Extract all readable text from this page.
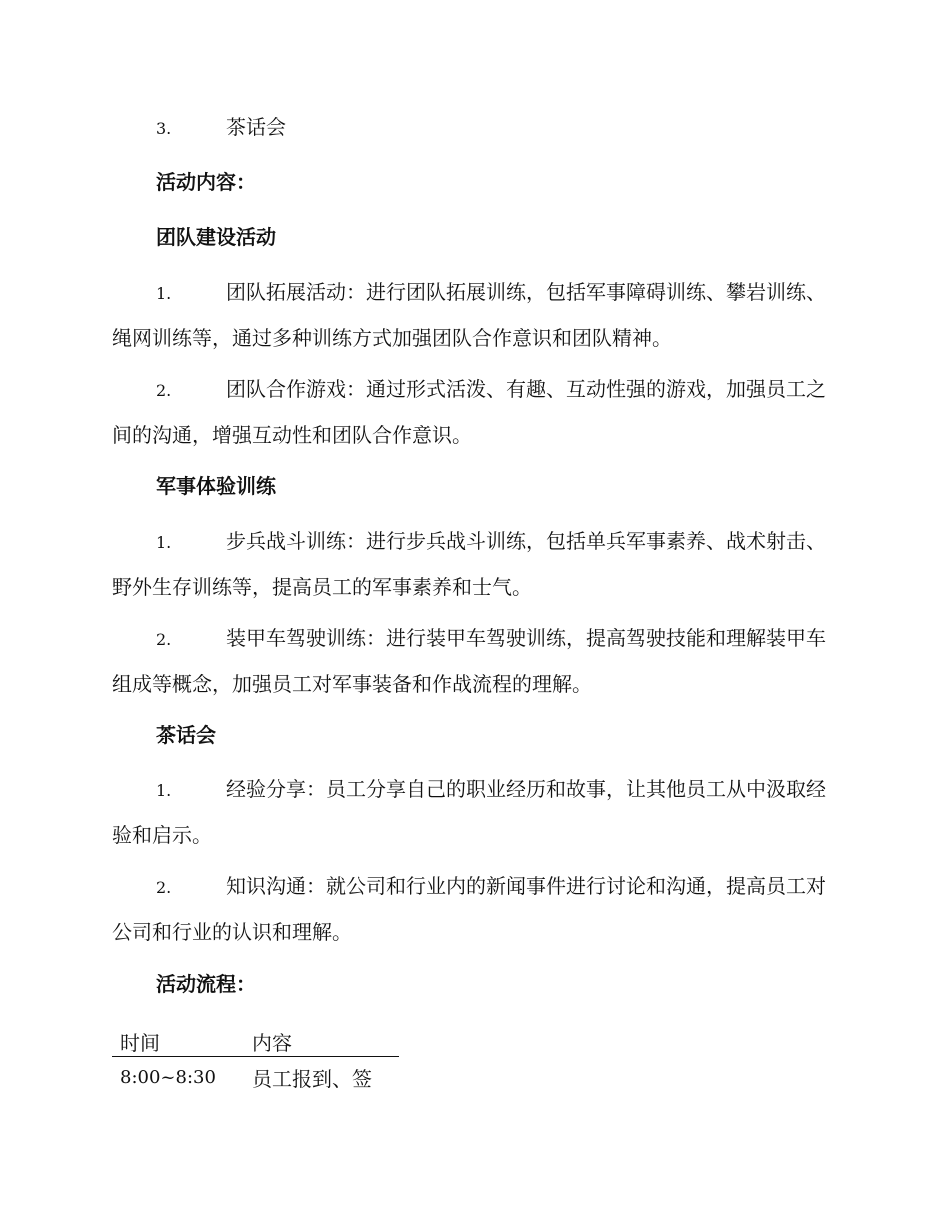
3.	茶话会
活动内容：
团队建设活动
1.	团队拓展活动：进行团队拓展训练，包括军事障碍训练、攀岩训练、绳网训练等，通过多种训练方式加强团队合作意识和团队精神。
2.	团队合作游戏：通过形式活泼、有趣、互动性强的游戏，加强员工之间的沟通，增强互动性和团队合作意识。
军事体验训练
1.	步兵战斗训练：进行步兵战斗训练，包括单兵军事素养、战术射击、野外生存训练等，提高员工的军事素养和士气。
2.	装甲车驾驶训练：进行装甲车驾驶训练，提高驾驶技能和理解装甲车组成等概念，加强员工对军事装备和作战流程的理解。
茶话会
1.	经验分享：员工分享自己的职业经历和故事，让其他员工从中汲取经验和启示。
2.	知识沟通：就公司和行业内的新闻事件进行讨论和沟通，提高员工对公司和行业的认识和理解。
活动流程：
时间	内容
8:00~8:30	员工报到、签
